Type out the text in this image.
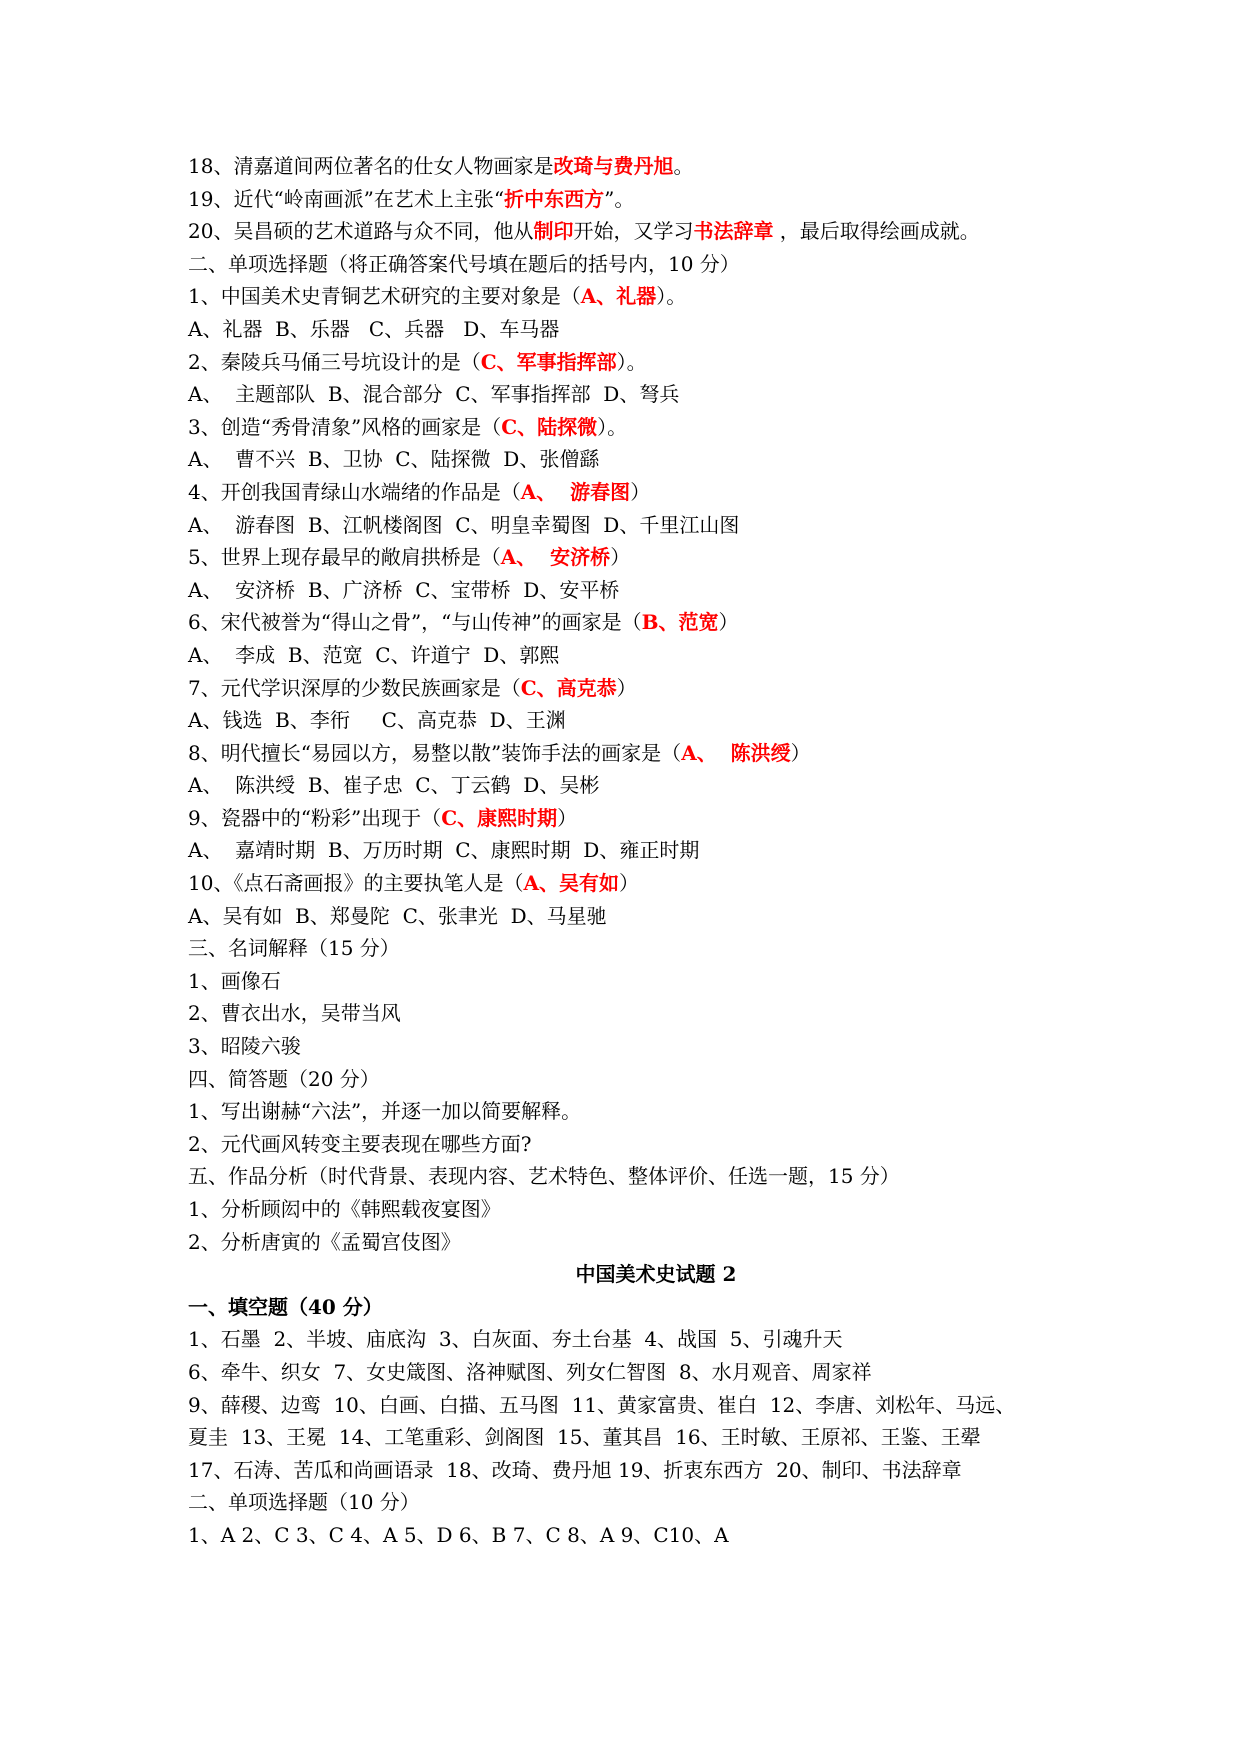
18、清嘉道间两位著名的仕女人物画家是改琦与费丹旭。
19、近代“岭南画派”在艺术上主张“折中东西方”。
20、吴昌硕的艺术道路与众不同，他从制印开始，又学习书法辞章 ，最后取得绘画成就。
二、单项选择题（将正确答案代号填在题后的括号内，10 分）
1、中国美术史青铜艺术研究的主要对象是（A、礼器）。
A、礼器  B、乐器   C、兵器   D、车马器
2、秦陵兵马俑三号坑设计的是（C、军事指挥部）。
A、  主题部队  B、混合部分  C、军事指挥部  D、弩兵
3、创造“秀骨清象”风格的画家是（C、陆探微）。
A、  曹不兴  B、卫协  C、陆探微  D、张僧繇
4、开创我国青绿山水端绪的作品是（A、  游春图）
A、  游春图  B、江帆楼阁图  C、明皇幸蜀图  D、千里江山图
5、世界上现存最早的敞肩拱桥是（A、  安济桥）
A、  安济桥  B、广济桥  C、宝带桥  D、安平桥
6、宋代被誉为“得山之骨”，“与山传神”的画家是（B、范宽）
A、  李成  B、范宽  C、许道宁  D、郭熙
7、元代学识深厚的少数民族画家是（C、高克恭）
A、钱选  B、李衎     C、高克恭  D、王渊
8、明代擅长“易园以方，易整以散”装饰手法的画家是（A、  陈洪绶）
A、  陈洪绶  B、崔子忠  C、丁云鹤  D、吴彬
9、瓷器中的“粉彩”出现于（C、康熙时期）
A、  嘉靖时期  B、万历时期  C、康熙时期  D、雍正时期
10、《点石斋画报》的主要执笔人是（A、吴有如）
A、吴有如  B、郑曼陀  C、张聿光  D、马星驰
三、名词解释（15 分）
1、画像石
2、曹衣出水，吴带当风
3、昭陵六骏
四、简答题（20 分）
1、写出谢赫“六法”，并逐一加以简要解释。
2、元代画风转变主要表现在哪些方面?
五、作品分析（时代背景、表现内容、艺术特色、整体评价、任选一题，15 分）
1、分析顾闳中的《韩熙载夜宴图》
2、分析唐寅的《孟蜀宫伎图》
中国美术史试题 2
一、填空题（40 分）
1、石墨  2、半坡、庙底沟  3、白灰面、夯土台基  4、战国  5、引魂升天
6、牵牛、织女  7、女史箴图、洛神赋图、列女仁智图  8、水月观音、周家祥
9、薛稷、边鸾  10、白画、白描、五马图  11、黄家富贵、崔白  12、李唐、刘松年、马远、
夏圭  13、王冕  14、工笔重彩、剑阁图  15、董其昌  16、王时敏、王原祁、王鉴、王翚
17、石涛、苦瓜和尚画语录  18、改琦、费丹旭 19、折衷东西方  20、制印、书法辞章
二、单项选择题（10 分）
1、A 2、C 3、C 4、A 5、D 6、B 7、C 8、A 9、C10、A
